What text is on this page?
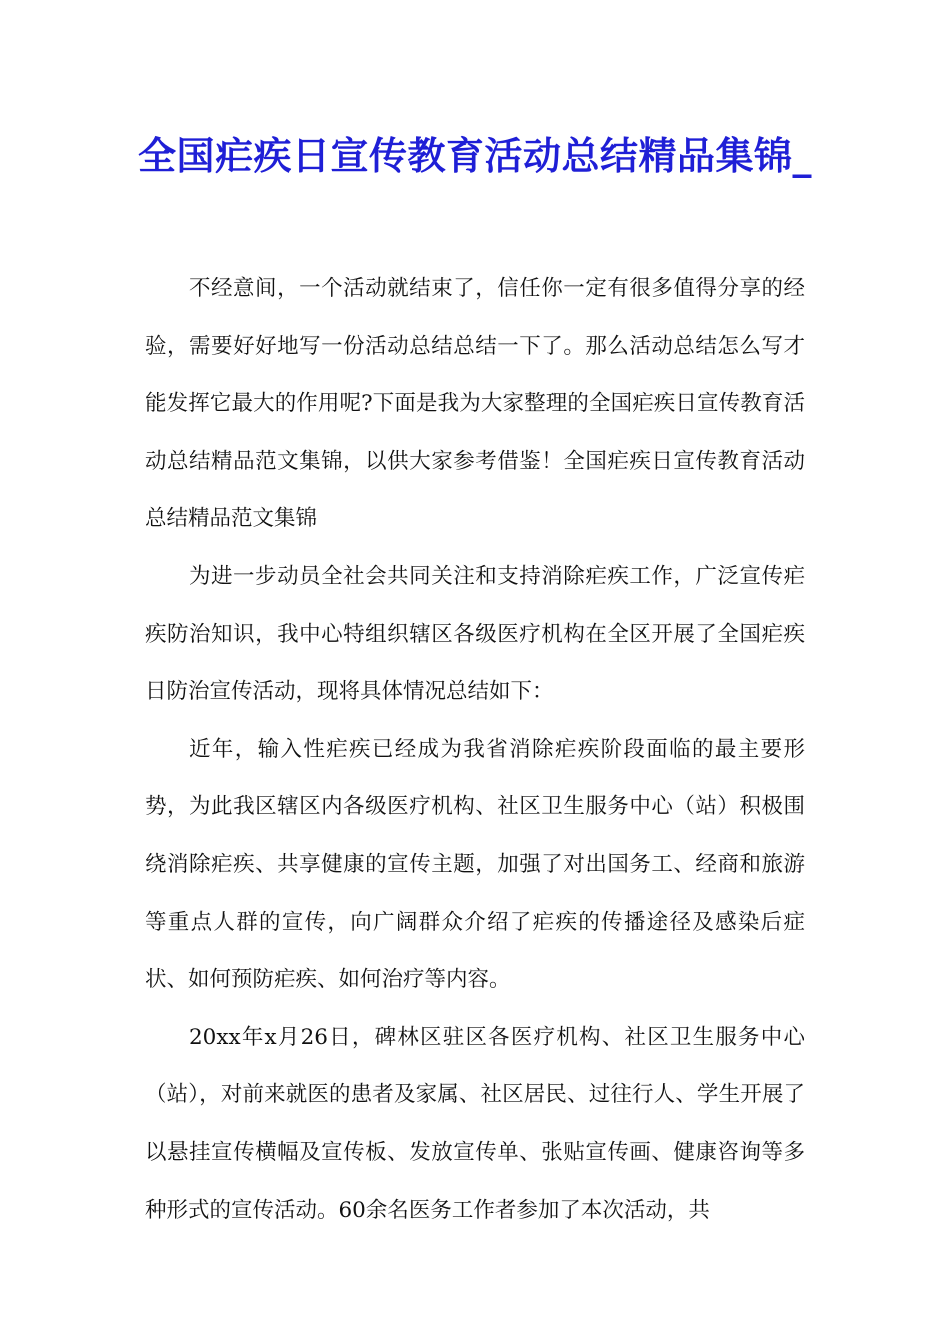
全国疟疾日宣传教育活动总结精品集锦_

不经意间，一个活动就结束了，信任你一定有很多值得分享的经验，需要好好地写一份活动总结总结一下了。那么活动总结怎么写才能发挥它最大的作用呢?下面是我为大家整理的全国疟疾日宣传教育活动总结精品范文集锦，以供大家参考借鉴！全国疟疾日宣传教育活动总结精品范文集锦

为进一步动员全社会共同关注和支持消除疟疾工作，广泛宣传疟疾防治知识，我中心特组织辖区各级医疗机构在全区开展了全国疟疾日防治宣传活动，现将具体情况总结如下：

近年，输入性疟疾已经成为我省消除疟疾阶段面临的最主要形势，为此我区辖区内各级医疗机构、社区卫生服务中心（站）积极围绕消除疟疾、共享健康的宣传主题，加强了对出国务工、经商和旅游等重点人群的宣传，向广阔群众介绍了疟疾的传播途径及感染后症状、如何预防疟疾、如何治疗等内容。

20xx年x月26日，碑林区驻区各医疗机构、社区卫生服务中心（站），对前来就医的患者及家属、社区居民、过往行人、学生开展了以悬挂宣传横幅及宣传板、发放宣传单、张贴宣传画、健康咨询等多种形式的宣传活动。60余名医务工作者参加了本次活动，共
